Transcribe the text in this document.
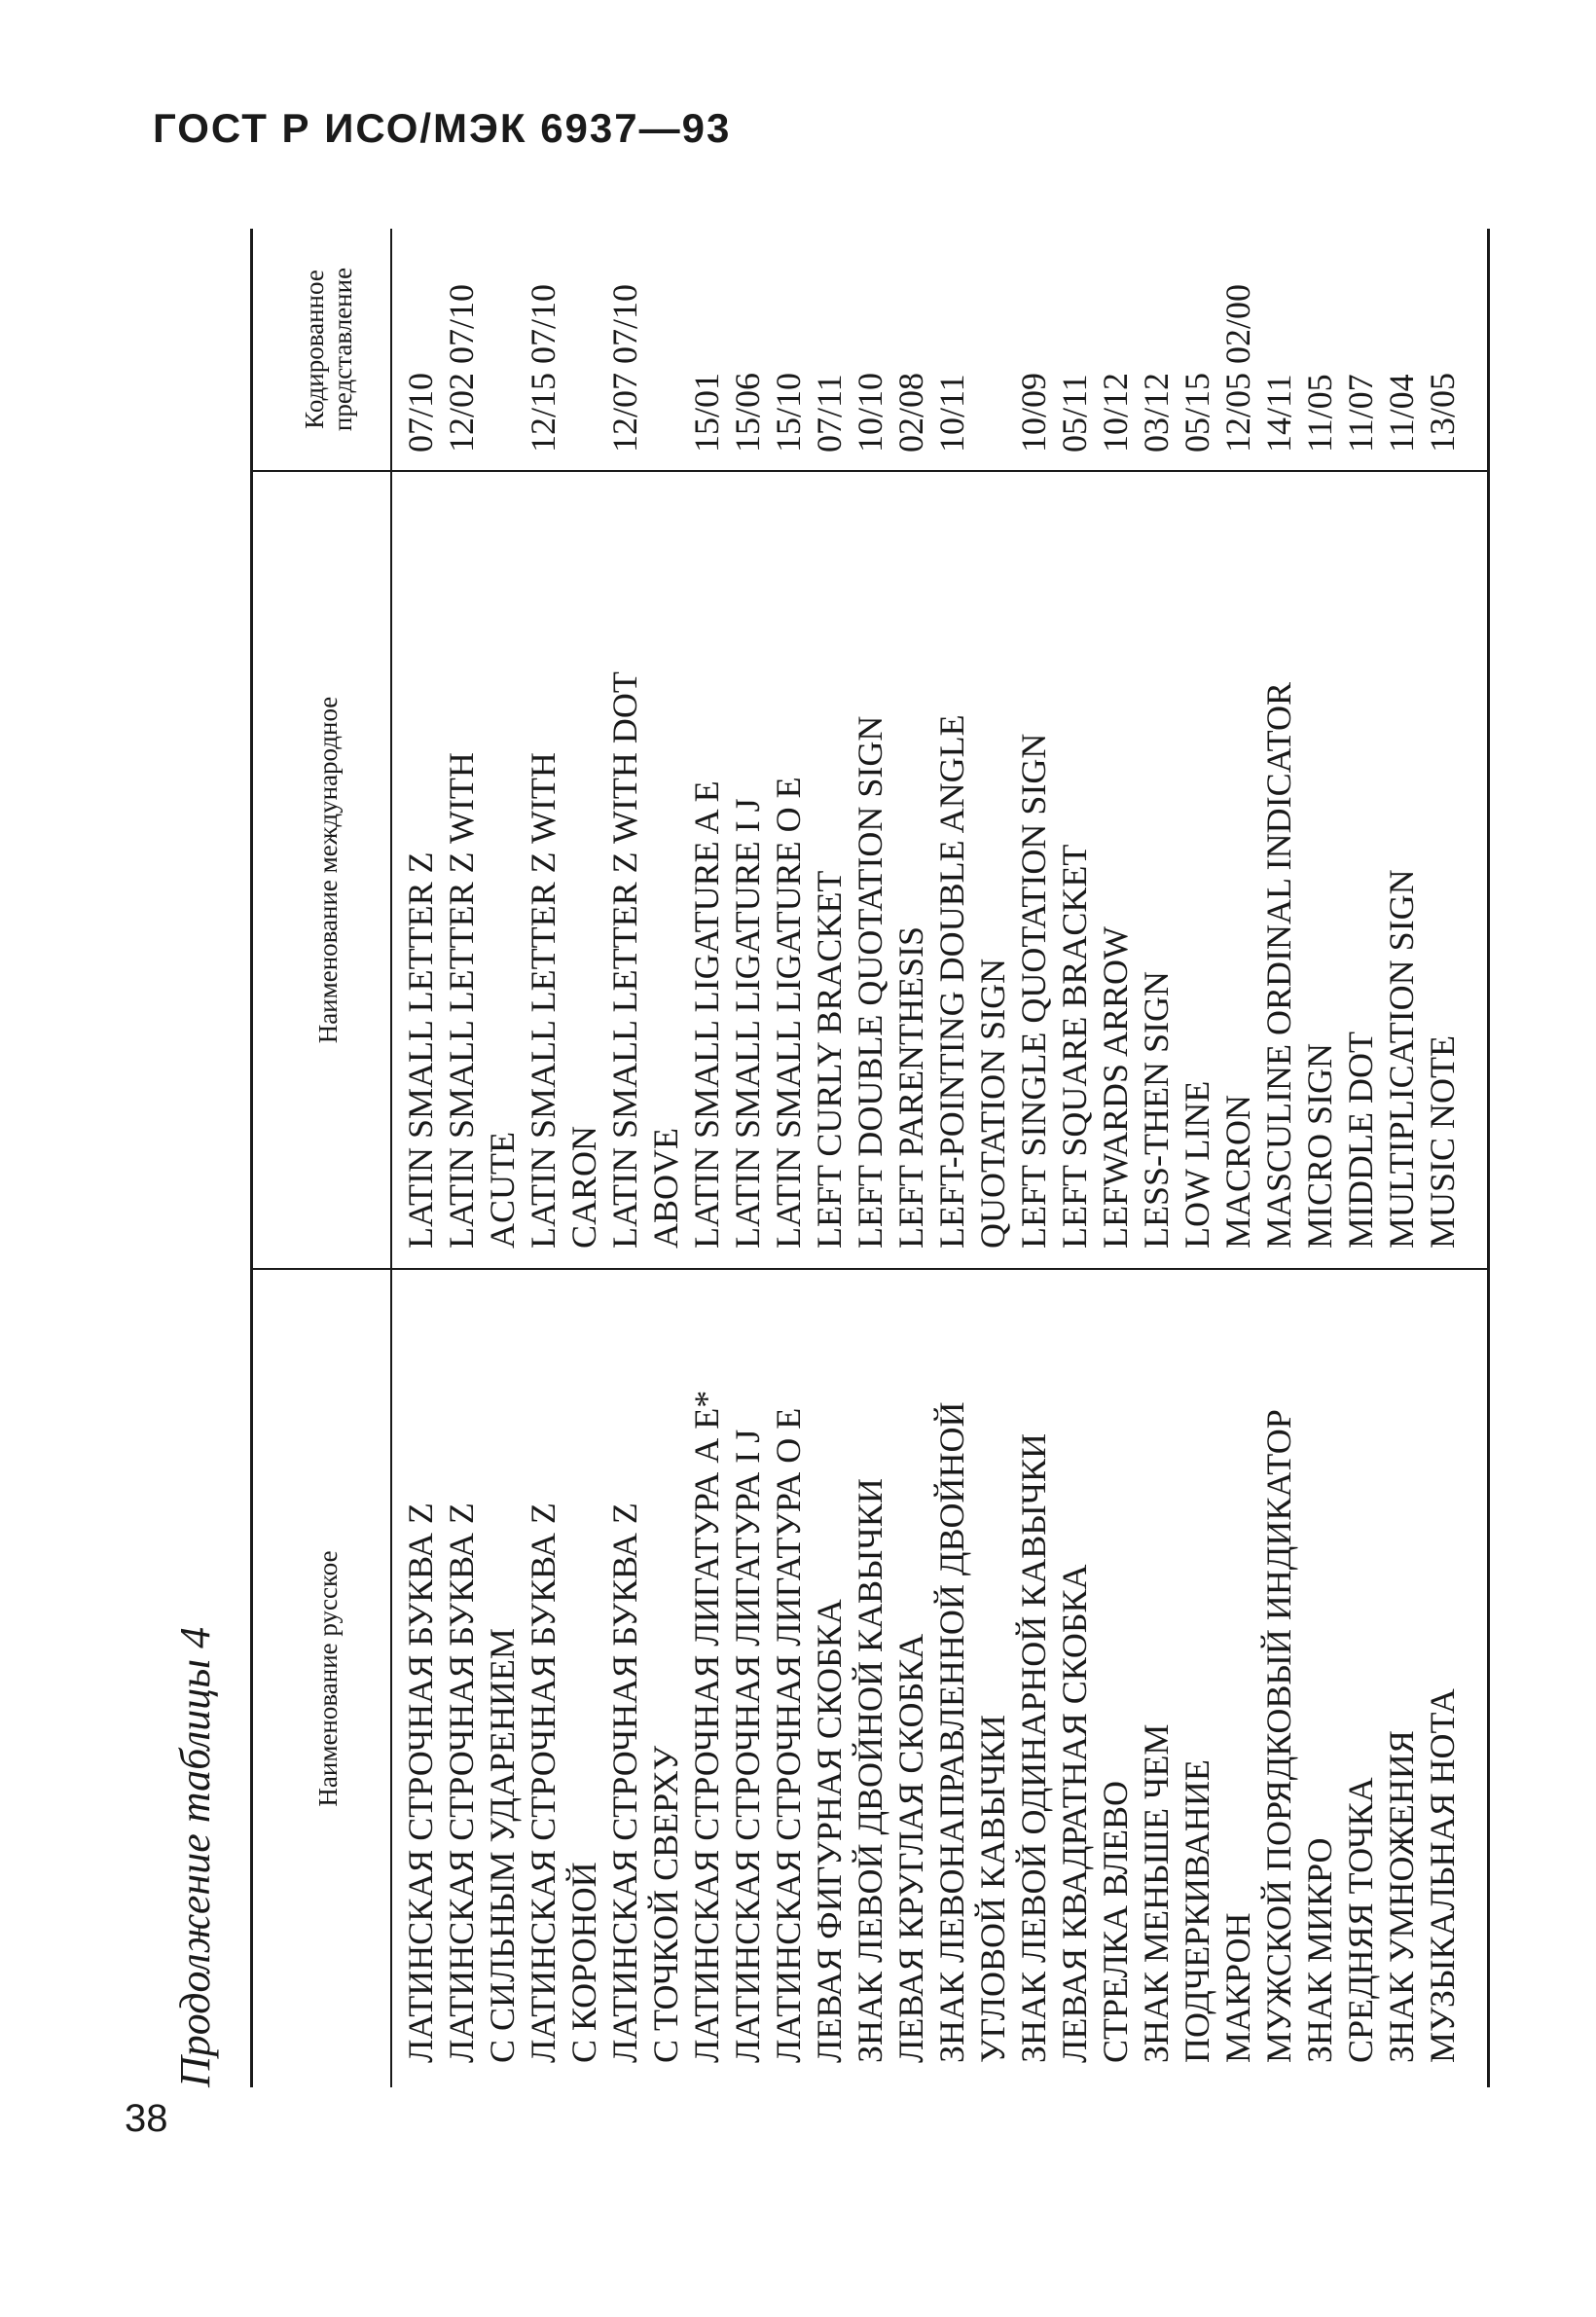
ГОСТ Р ИСО/МЭК 6937—93
38
Продолжение таблицы 4	Наименование русское
Наименование международное
Кодированное представление
ЛАТИНСКАЯ СТРОЧНАЯ БУКВА Z ЛАТИНСКАЯ СТРОЧНАЯ БУКВА Z С СИЛЬНЫМ УДАРЕНИЕМ ЛАТИНСКАЯ СТРОЧНАЯ БУКВА Z С КОРОНОЙ ЛАТИНСКАЯ СТРОЧНАЯ БУКВА Z С ТОЧКОЙ СВЕРХУ ЛАТИНСКАЯ СТРОЧНАЯ ЛИГАТУРА А Е* ЛАТИНСКАЯ СТРОЧНАЯ ЛИГАТУРА I J ЛАТИНСКАЯ СТРОЧНАЯ ЛИГАТУРА О Е ЛЕВАЯ ФИГУРНАЯ СКОБКА ЗНАК ЛЕВОЙ ДВОЙНОЙ КАВЫЧКИ ЛЕВАЯ КРУГЛАЯ СКОБКА ЗНАК ЛЕВОНАПРАВЛЕННОЙ ДВОЙНОЙ УГЛОВОЙ КАВЫЧКИ ЗНАК ЛЕВОЙ ОДИНАРНОЙ КАВЫЧКИ ЛЕВАЯ КВАДРАТНАЯ СКОБКА СТРЕЛКА ВЛЕВО ЗНАК МЕНЬШЕ ЧЕМ ПОДЧЕРКИВАНИЕ МАКРОН МУЖСКОЙ ПОРЯДКОВЫЙ ИНДИКАТОР ЗНАК МИКРО СРЕДНЯЯ ТОЧКА ЗНАК УМНОЖЕНИЯ МУЗЫКАЛЬНАЯ НОТА
LATIN SMALL LETTER Z LATIN SMALL LETTER Z WITH ACUTE LATIN SMALL LETTER Z WITH CARON LATIN SMALL LETTER Z WITH DOT ABOVE LATIN SMALL LIGATURE A E LATIN SMALL LIGATURE I J LATIN SMALL LIGATURE O E LEFT CURLY BRACKET LEFT DOUBLE QUOTATION SIGN LEFT PARENTHESIS LEFT-POINTING DOUBLE ANGLE QUOTATION SIGN LEFT SINGLE QUOTATION SIGN LEFT SQUARE BRACKET LEFWARDS ARROW LESS-THEN SIGN LOW LINE MACRON MASCULINE ORDINAL INDICATOR MICRO SIGN MIDDLE DOT MULTIPLICATION SIGN MUSIC NOTE
07/10 12/02 07/10 12/15 07/10 12/07 07/10 15/01 15/06 15/10 07/11 10/10 02/08 10/11 10/09 05/11 10/12 03/12 05/15 12/05 02/00 14/11 11/05 11/07 11/04 13/05
